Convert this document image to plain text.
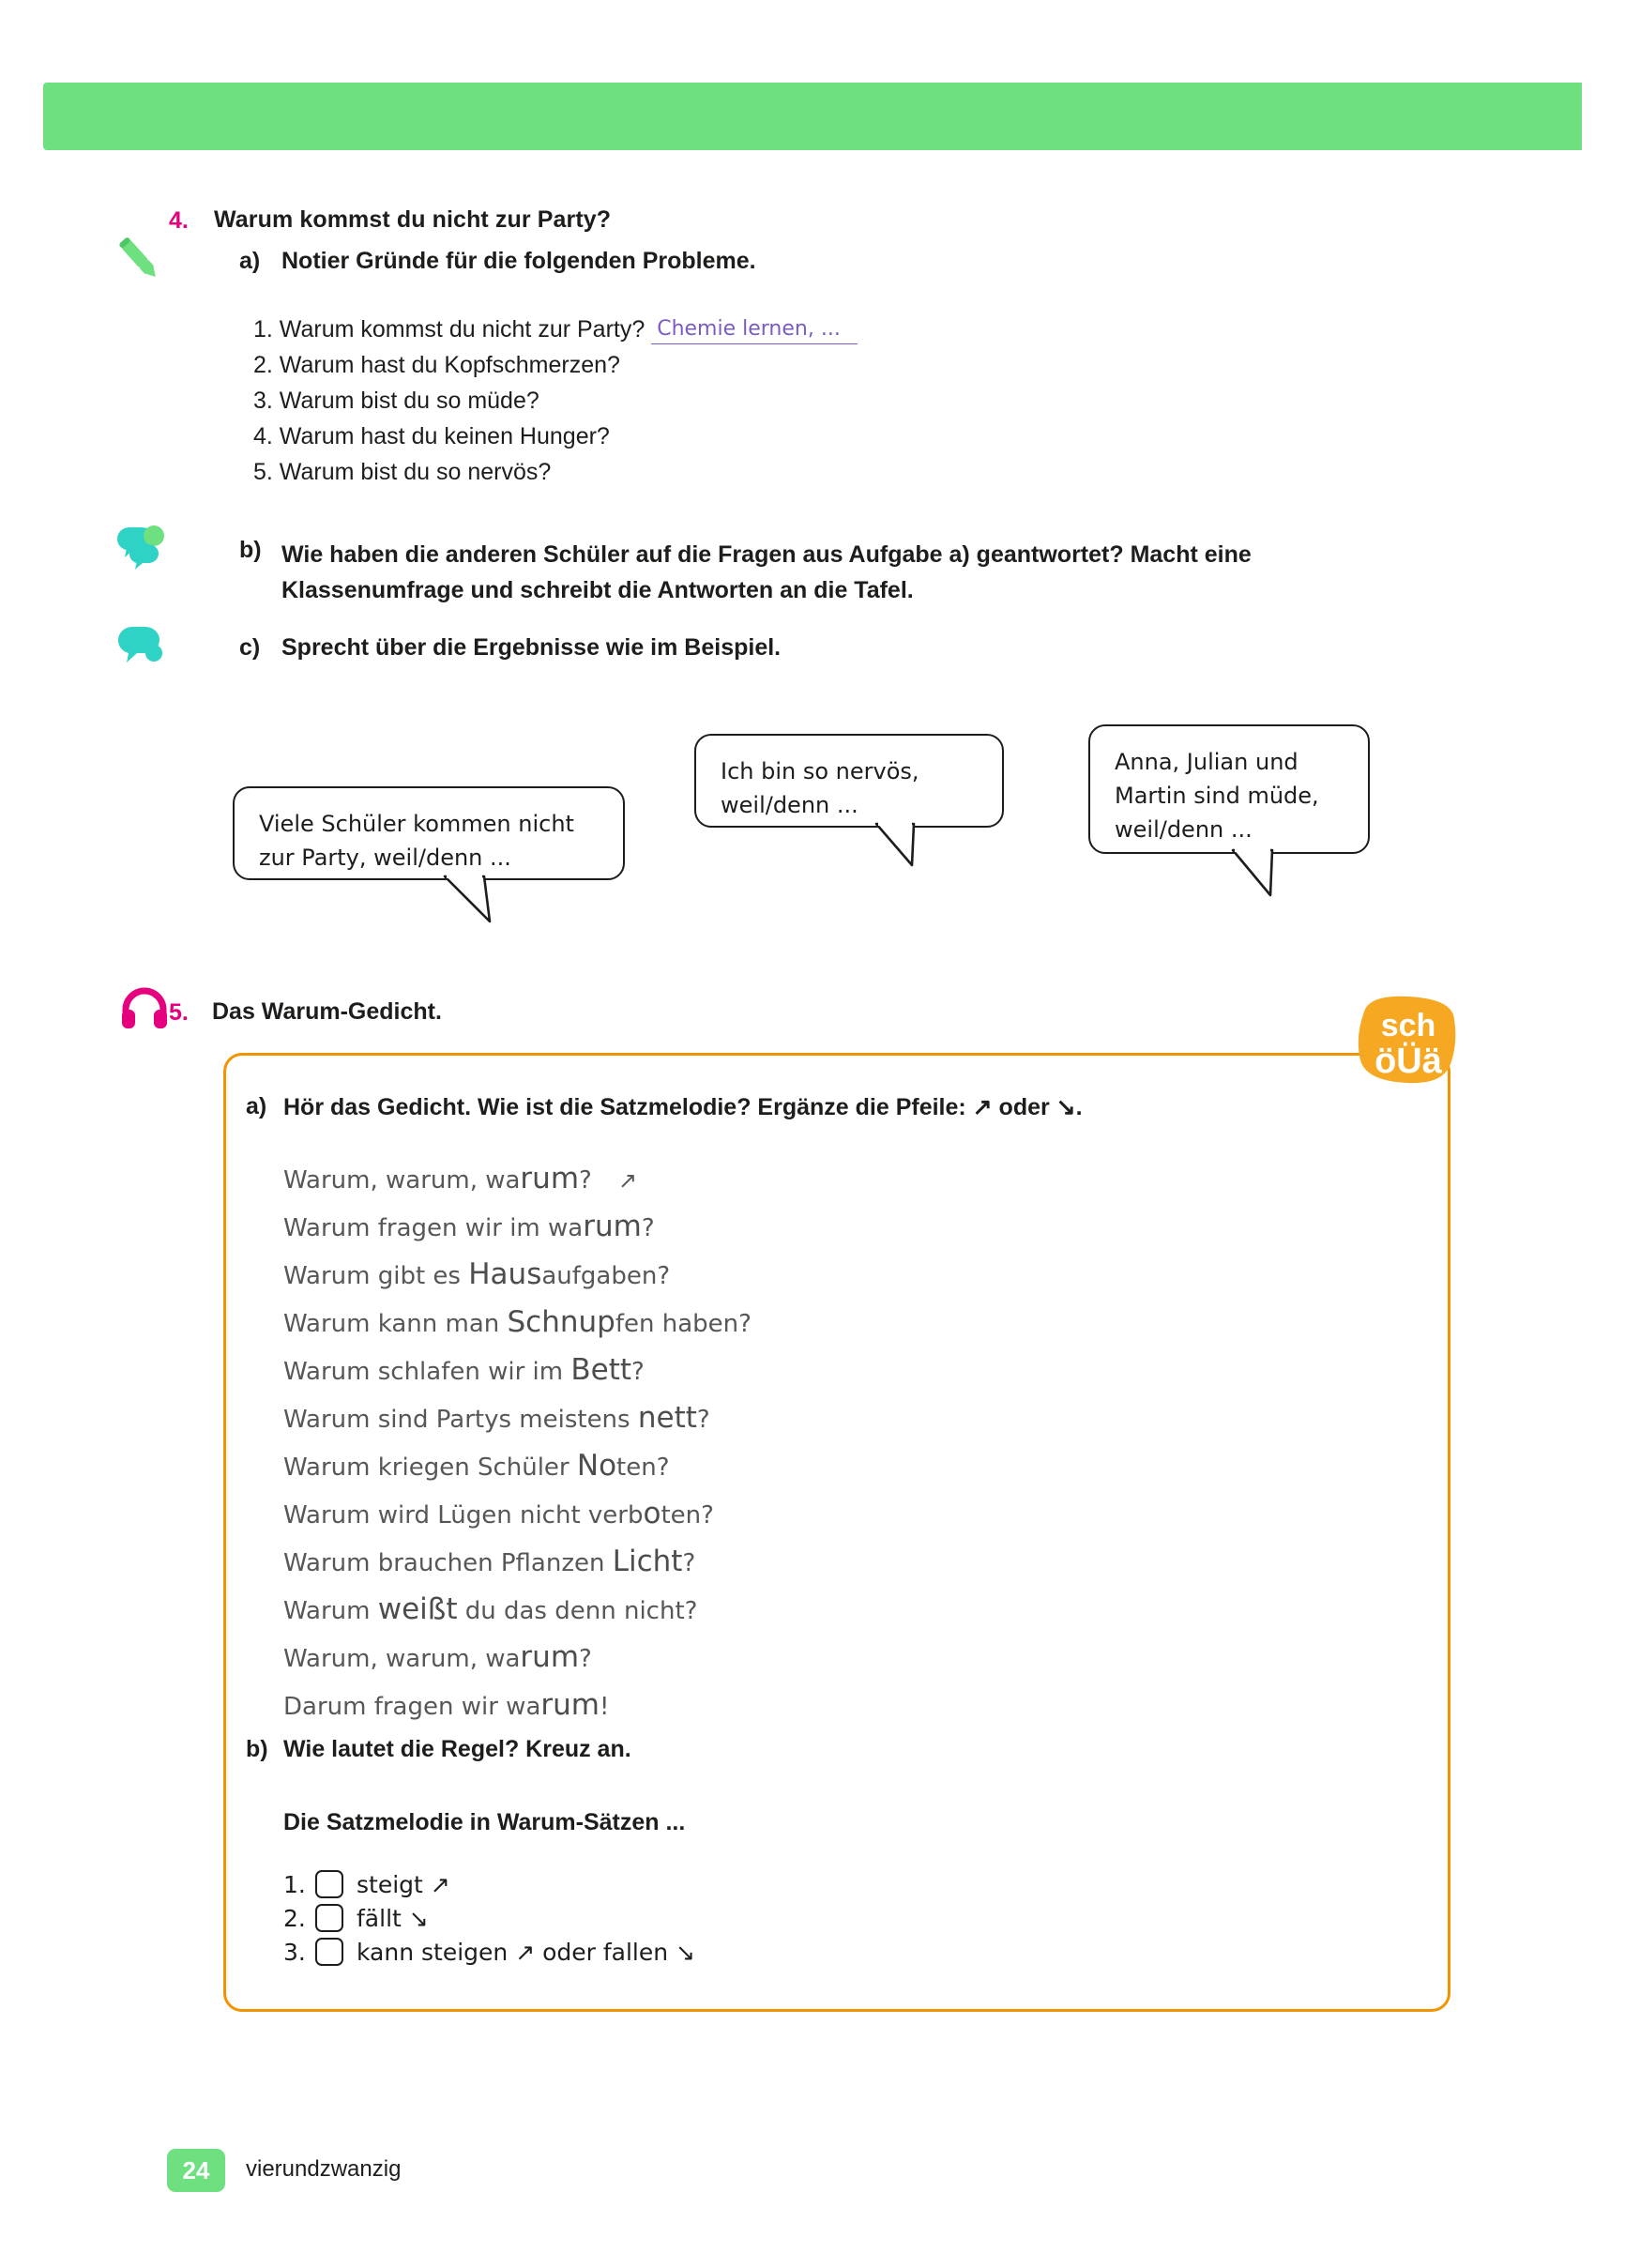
4. Warum kommst du nicht zur Party?
a) Notier Gründe für die folgenden Probleme.
1. Warum kommst du nicht zur Party? Chemie lernen, ...
2. Warum hast du Kopfschmerzen?
3. Warum bist du so müde?
4. Warum hast du keinen Hunger?
5. Warum bist du so nervös?
b) Wie haben die anderen Schüler auf die Fragen aus Aufgabe a) geantwortet? Macht eine Klassenumfrage und schreibt die Antworten an die Tafel.
c) Sprecht über die Ergebnisse wie im Beispiel.
Viele Schüler kommen nicht zur Party, weil/denn ...
Ich bin so nervös, weil/denn ...
Anna, Julian und Martin sind müde, weil/denn ...
5. Das Warum-Gedicht.	sch
öÜä
a) Hör das Gedicht. Wie ist die Satzmelodie? Ergänze die Pfeile: ↗ oder ↘.
Warum, warum, warum? ↗
Warum fragen wir im warum?
Warum gibt es Hausaufgaben?
Warum kann man Schnupfen haben?
Warum schlafen wir im Bett?
Warum sind Partys meistens nett?
Warum kriegen Schüler Noten?
Warum wird Lügen nicht verboten?
Warum brauchen Pflanzen Licht?
Warum weißt du das denn nicht?
Warum, warum, warum?
Darum fragen wir warum!
b) Wie lautet die Regel? Kreuz an.
Die Satzmelodie in Warum-Sätzen ...
1.	steigt ↗
2.	fällt ↘
3.	kann steigen ↗ oder fallen ↘
24	vierundzwanzig
